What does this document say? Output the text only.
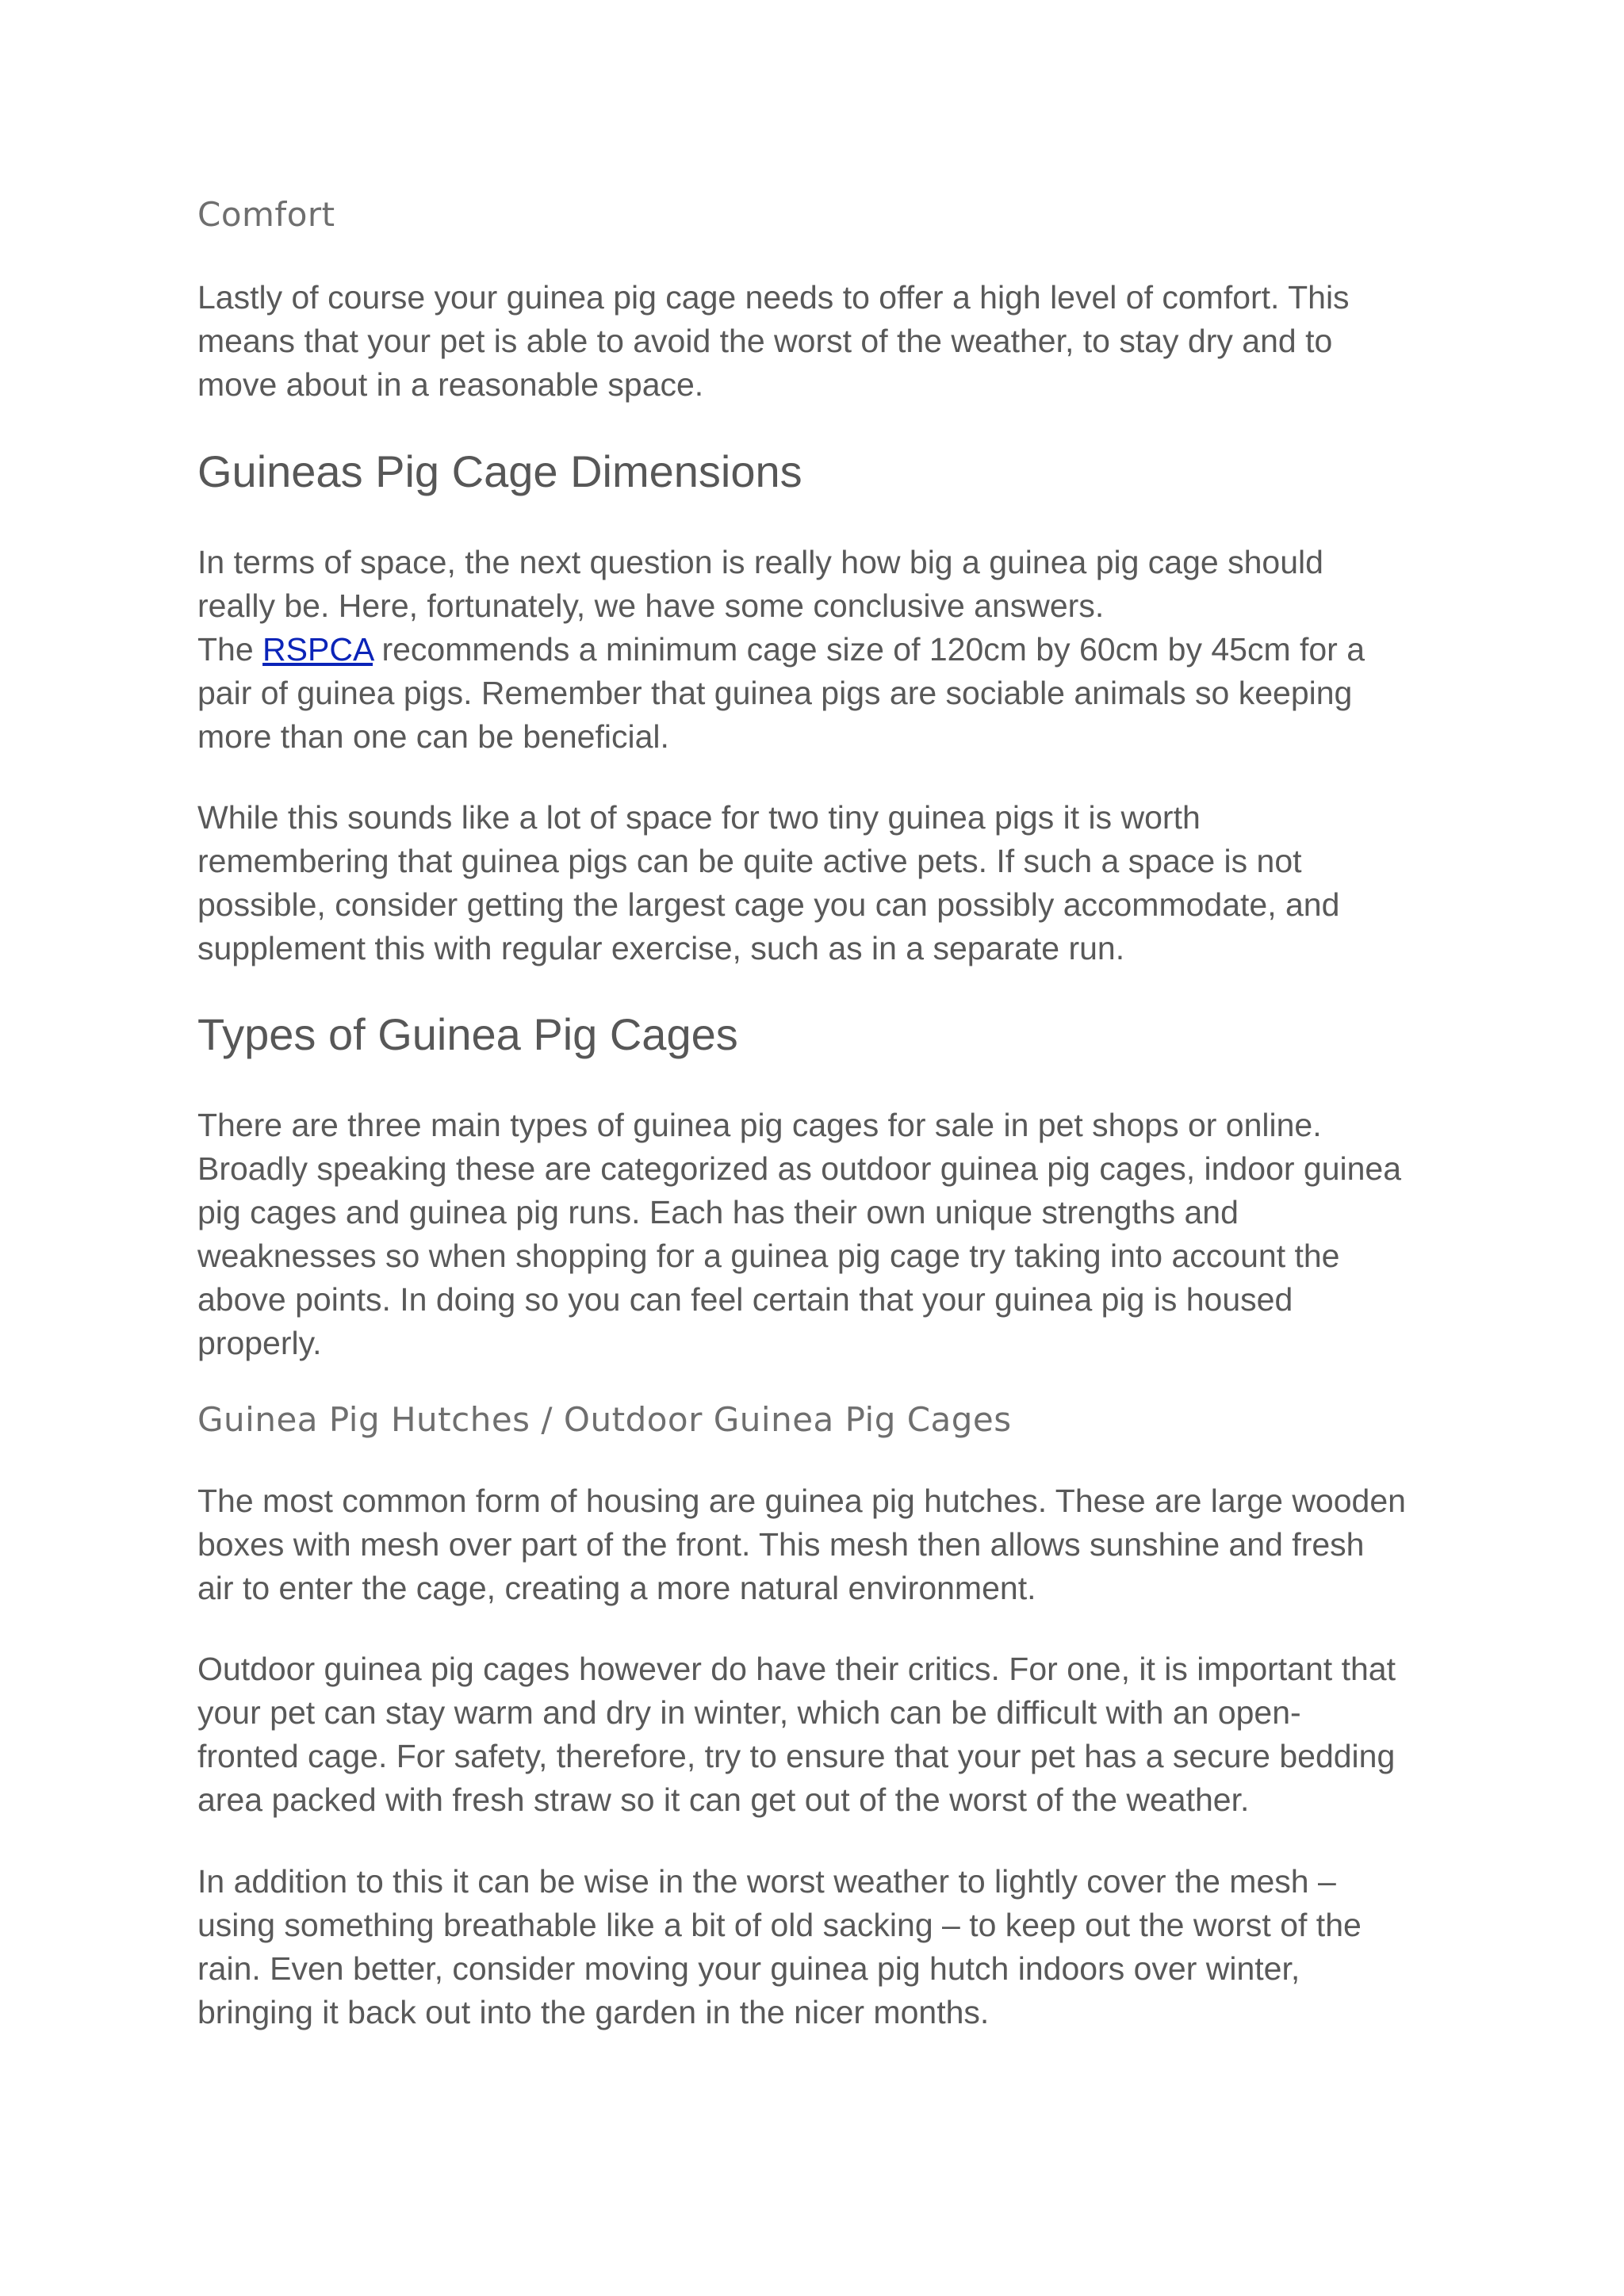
Comfort
Lastly of course your guinea pig cage needs to offer a high level of comfort. This
means that your pet is able to avoid the worst of the weather, to stay dry and to
move about in a reasonable space.
Guineas Pig Cage Dimensions
In terms of space, the next question is really how big a guinea pig cage should
really be. Here, fortunately, we have some conclusive answers.
The RSPCA recommends a minimum cage size of 120cm by 60cm by 45cm for a
pair of guinea pigs. Remember that guinea pigs are sociable animals so keeping
more than one can be beneficial.
While this sounds like a lot of space for two tiny guinea pigs it is worth
remembering that guinea pigs can be quite active pets. If such a space is not
possible, consider getting the largest cage you can possibly accommodate, and
supplement this with regular exercise, such as in a separate run.
Types of Guinea Pig Cages
There are three main types of guinea pig cages for sale in pet shops or online.
Broadly speaking these are categorized as outdoor guinea pig cages, indoor guinea
pig cages and guinea pig runs. Each has their own unique strengths and
weaknesses so when shopping for a guinea pig cage try taking into account the
above points. In doing so you can feel certain that your guinea pig is housed
properly.
Guinea Pig Hutches / Outdoor Guinea Pig Cages
The most common form of housing are guinea pig hutches. These are large wooden
boxes with mesh over part of the front. This mesh then allows sunshine and fresh
air to enter the cage, creating a more natural environment.
Outdoor guinea pig cages however do have their critics. For one, it is important that
your pet can stay warm and dry in winter, which can be difficult with an open-
fronted cage. For safety, therefore, try to ensure that your pet has a secure bedding
area packed with fresh straw so it can get out of the worst of the weather.
In addition to this it can be wise in the worst weather to lightly cover the mesh –
using something breathable like a bit of old sacking – to keep out the worst of the
rain. Even better, consider moving your guinea pig hutch indoors over winter,
bringing it back out into the garden in the nicer months.
